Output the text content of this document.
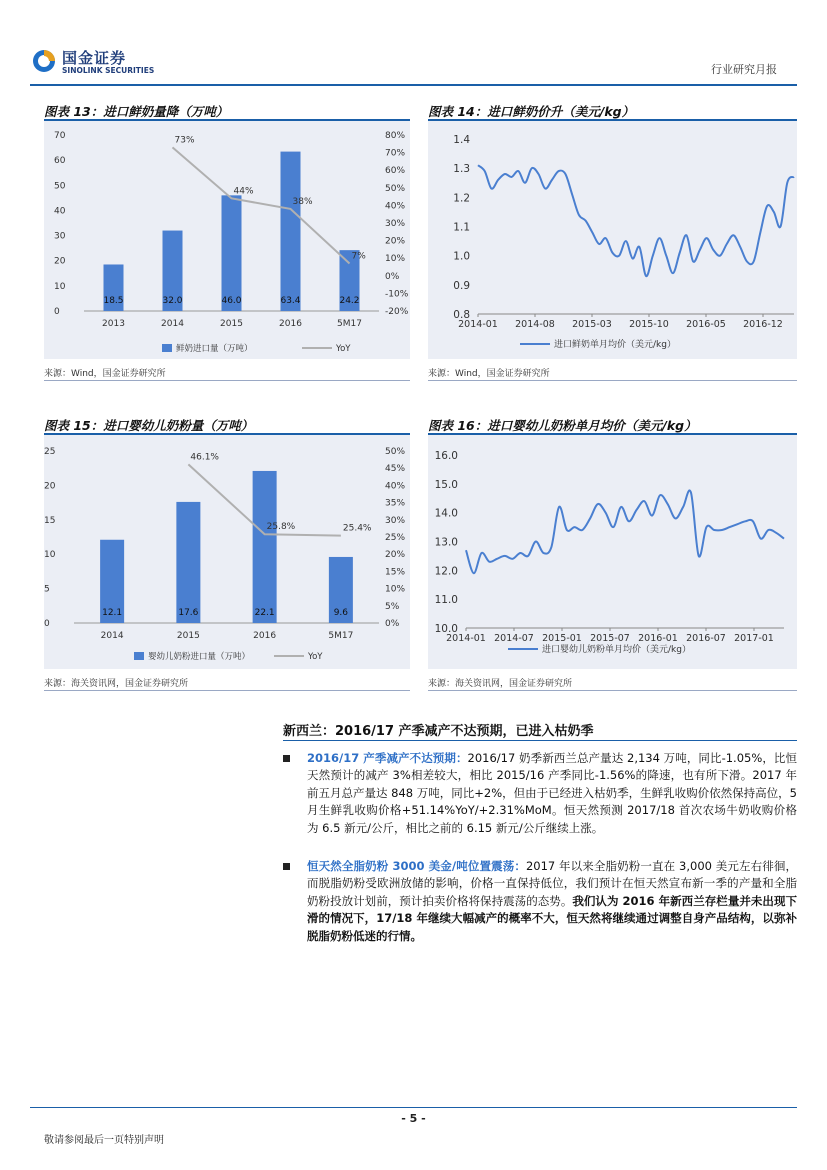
国金证券
SINOLINK SECURITIES	行业研究月报
图表 13：进口鲜奶量降（万吨）
0
10
20
30
40
50
60
70
-20%
-10%
0%
10%
20%
30%
40%
50%
60%
70%
80%
18.5
2013
32.0
2014
46.0
2015
63.4
2016
24.2
5M17
73%
44%
38%
7%
鲜奶进口量（万吨）	YoY
来源：Wind，国金证券研究所
图表 14：进口鲜奶价升（美元/kg）
0.8
0.9
1.0
1.1
1.2
1.3
1.4
2014-01 2014-08 2015-03 2015-10 2016-05 2016-12
进口鲜奶单月均价（美元/kg）
来源：Wind，国金证券研究所
图表 15：进口婴幼儿奶粉量（万吨）
0
5
10
15
20
25
0%
5%
10%
15%
20%
25%
30%
35%
40%
45%
50%
12.1
2014
17.6
2015
22.1
2016
9.6
5M17
46.1%
25.8%	25.4%
婴幼儿奶粉进口量（万吨）	YoY
来源：海关资讯网，国金证券研究所
图表 16：进口婴幼儿奶粉单月均价（美元/kg）
10.0
11.0
12.0
13.0
14.0
15.0
16.0
2014-01 2014-07 2015-01 2015-07 2016-01 2016-07 2017-01
进口婴幼儿奶粉单月均价（美元/kg）
来源：海关资讯网，国金证券研究所
新西兰：2016/17 产季减产不达预期，已进入枯奶季
2016/17 产季减产不达预期：2016/17 奶季新西兰总产量达 2,134 万吨，同比-1.05%，比恒天然预计的减产 3%相差较大，相比 2015/16 产季同比-1.56%的降速，也有所下滑。2017 年前五月总产量达 848 万吨，同比+2%，但由于已经进入枯奶季，生鲜乳收购价依然保持高位，5 月生鲜乳收购价格+51.14%YoY/+2.31%MoM。恒天然预测 2017/18 首次农场牛奶收购价格为 6.5 新元/公斤，相比之前的 6.15 新元/公斤继续上涨。
恒天然全脂奶粉 3000 美金/吨位置震荡：2017 年以来全脂奶粉一直在 3,000 美元左右徘徊，而脱脂奶粉受欧洲放储的影响，价格一直保持低位，我们预计在恒天然宣布新一季的产量和全脂奶粉投放计划前，预计拍卖价格将保持震荡的态势。我们认为 2016 年新西兰存栏量并未出现下滑的情况下，17/18 年继续大幅减产的概率不大，恒天然将继续通过调整自身产品结构，以弥补脱脂奶粉低迷的行情。
- 5 -
敬请参阅最后一页特别声明
